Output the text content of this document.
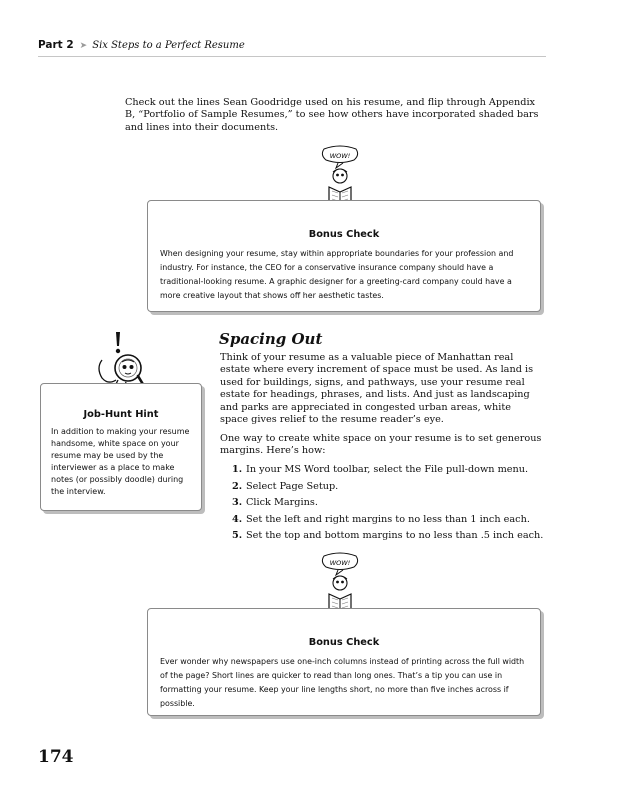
Part 2 ➤ Six Steps to a Perfect Resume

Check out the lines Sean Goodridge used on his resume, and flip through Appendix B, “Portfolio of Sample Resumes,” to see how others have incorporated shaded bars and lines into their documents.

WOW!
Bonus Check
When designing your resume, stay within appropriate boundaries for your profession and industry. For instance, the CEO for a conservative insurance company should have a traditional-looking resume. A graphic designer for a greeting-card company could have a more creative layout that shows off her aesthetic tastes.
Job-Hunt Hint
In addition to making your resume handsome, white space on your resume may be used by the interviewer as a place to make notes (or possibly doodle) during the interview.
Spacing Out

Think of your resume as a valuable piece of Manhattan real estate where every increment of space must be used. As land is used for buildings, signs, and pathways, use your resume real estate for headings, phrases, and lists. And just as landscaping and parks are appreciated in congested urban areas, white space gives relief to the resume reader’s eye.

One way to create white space on your resume is to set generous margins. Here’s how:

1. In your MS Word toolbar, select the File pull-down menu.
2. Select Page Setup.
3. Click Margins.
4. Set the left and right margins to no less than 1 inch each.
5. Set the top and bottom margins to no less than .5 inch each.
WOW!
Bonus Check
Ever wonder why newspapers use one-inch columns instead of printing across the full width of the page? Short lines are quicker to read than long ones. That’s a tip you can use in formatting your resume. Keep your line lengths short, no more than five inches across if possible.
174
